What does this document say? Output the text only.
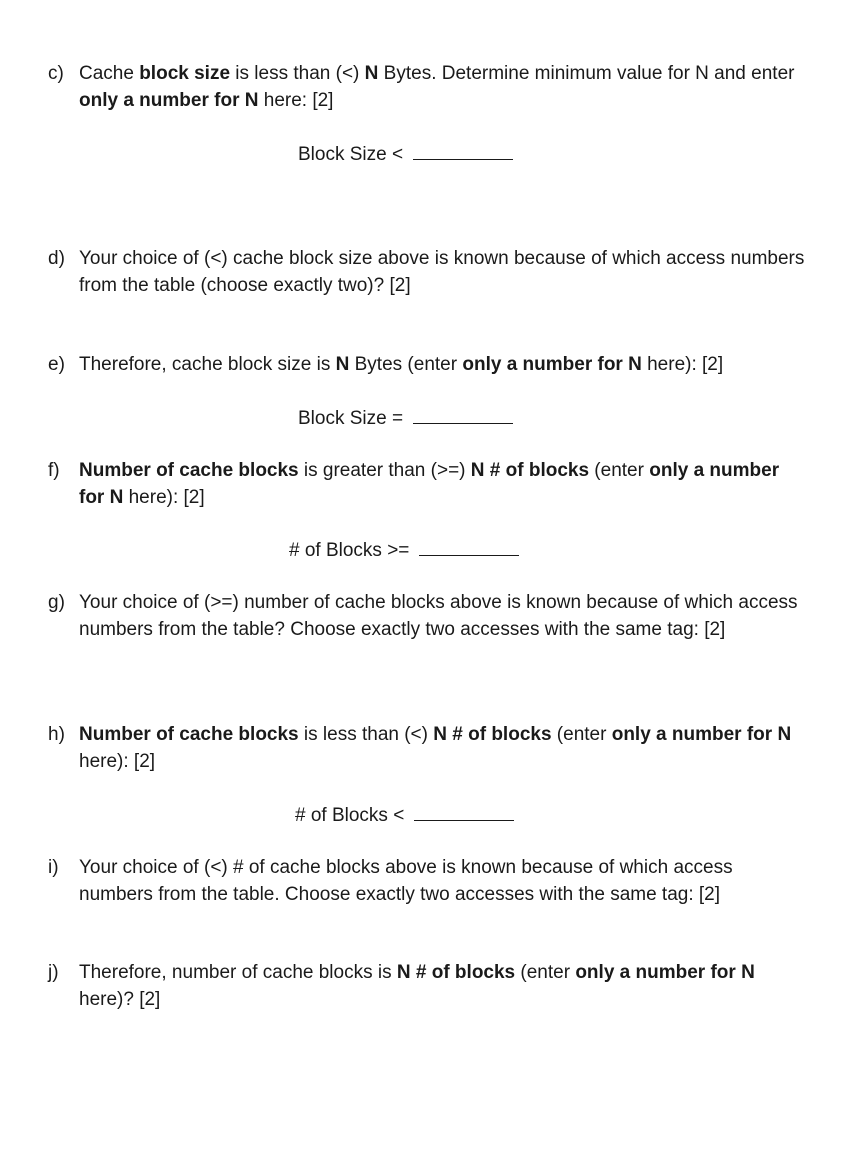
c) Cache block size is less than (<) N Bytes. Determine minimum value for N and enter only a number for N here: [2]
Block Size <
d) Your choice of (<) cache block size above is known because of which access numbers from the table (choose exactly two)? [2]
e) Therefore, cache block size is N Bytes (enter only a number for N here): [2]
Block Size =
f) Number of cache blocks is greater than (>=) N # of blocks (enter only a number for N here): [2]
# of Blocks >=
g) Your choice of (>=) number of cache blocks above is known because of which access numbers from the table? Choose exactly two accesses with the same tag: [2]
h) Number of cache blocks is less than (<) N # of blocks (enter only a number for N here): [2]
# of Blocks <
i) Your choice of (<) # of cache blocks above is known because of which access numbers from the table. Choose exactly two accesses with the same tag: [2]
j) Therefore, number of cache blocks is N # of blocks (enter only a number for N here)? [2]
